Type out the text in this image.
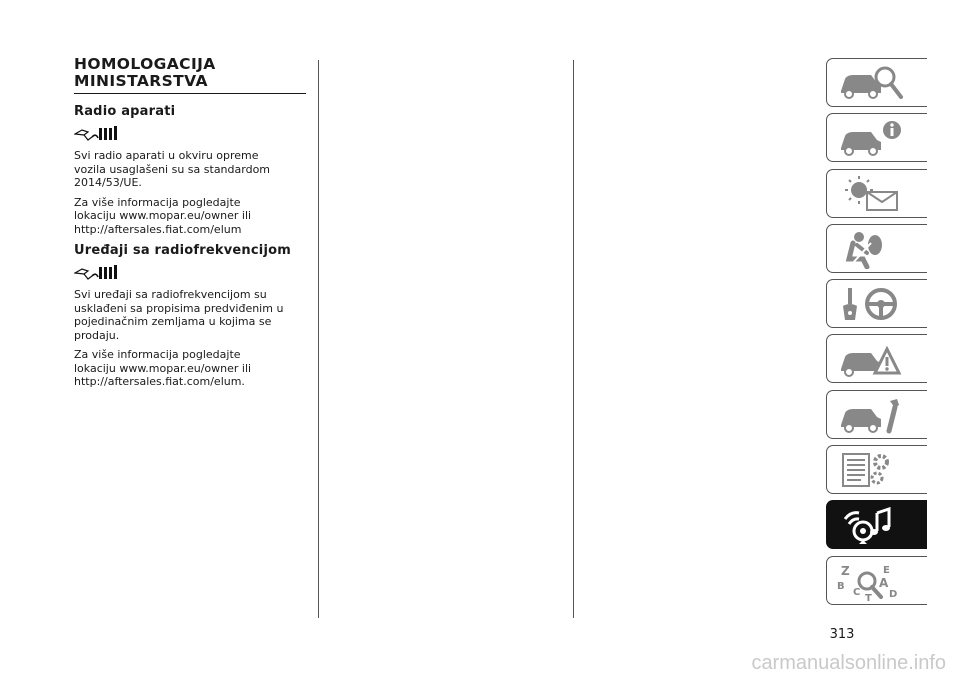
HOMOLOGACIJA
MINISTARSTVA
Radio aparati

Svi radio aparati u okviru opreme
vozila usaglašeni su sa standardom
2014/53/UE.

Za više informacija pogledajte
lokaciju www.mopar.eu/owner ili
http://aftersales.fiat.com/elum

Uređaji sa radiofrekvencijom

Svi uređaji sa radiofrekvencijom su
usklađeni sa propisima predviđenim u
pojedinačnim zemljama u kojima se
prodaju.

Za više informacija pogledajte
lokaciju www.mopar.eu/owner ili
http://aftersales.fiat.com/elum.

Z	E
B	A
C	D
T
313
carmanualsonline.info
